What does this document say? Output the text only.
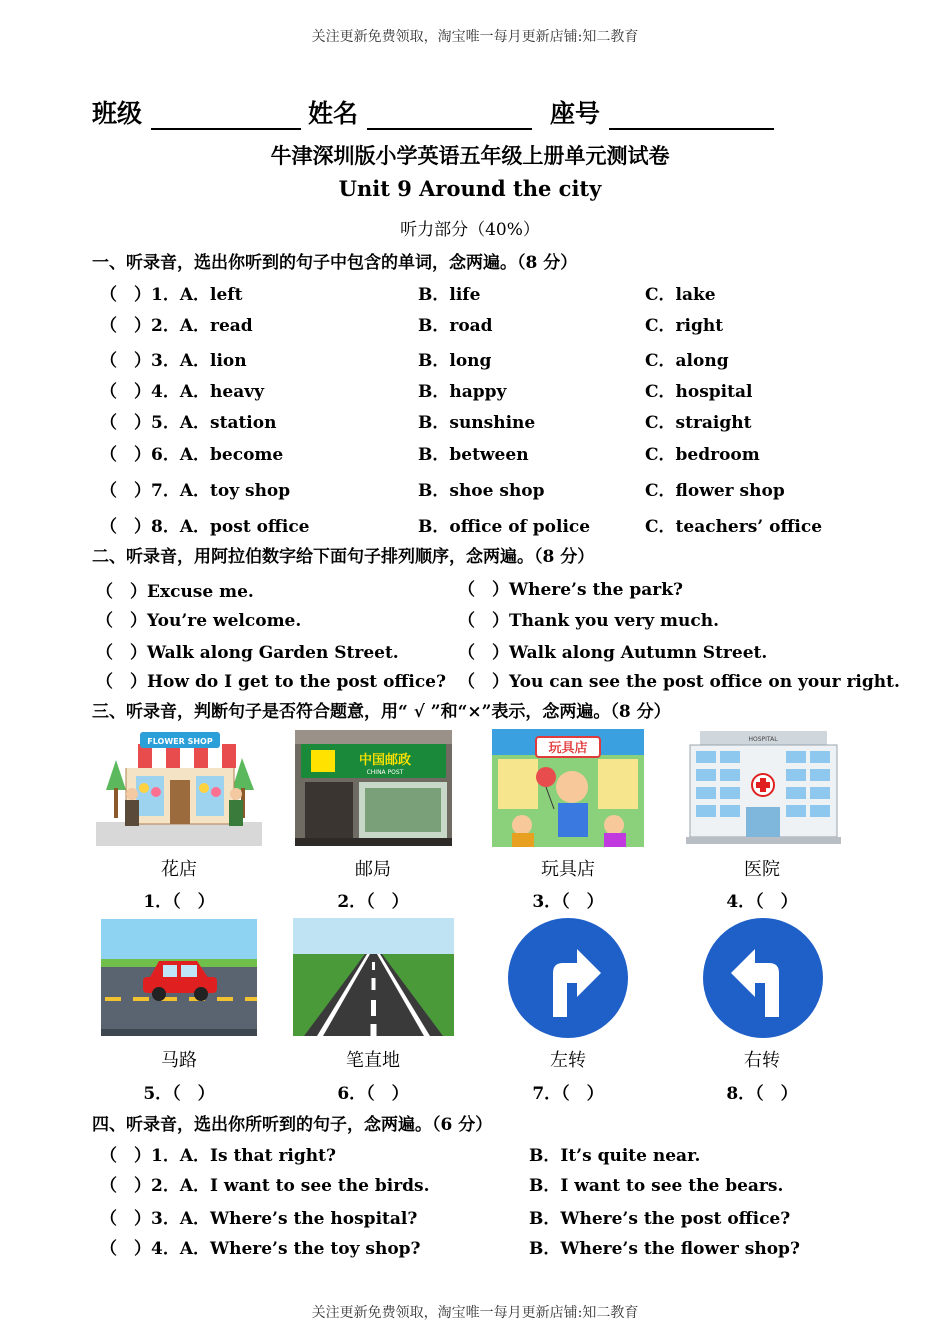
关注更新免费领取，淘宝唯一每月更新店铺:知二教育
关注更新免费领取，淘宝唯一每月更新店铺:知二教育
班级	姓名	座号
牛津深圳版小学英语五年级上册单元测试卷
Unit 9 Around the city
听力部分（40%）
一、听录音，选出你听到的句子中包含的单词，念两遍。（8 分）
（　）1．A．left	B．life	C．lake
（　）2．A．read	B．road	C．right
（　）3．A．lion	B．long	C．along
（　）4．A．heavy	B．happy	C．hospital
（　）5．A．station	B．sunshine	C．straight
（　）6．A．become	B．between	C．bedroom
（　）7．A．toy shop	B．shoe shop	C．flower shop
（　）8．A．post office	B．office of police	C．teachers’ office
二、听录音，用阿拉伯数字给下面句子排列顺序，念两遍。（8 分）
（　）Excuse me.
（　）You’re welcome.
（　）Walk along Garden Street.
（　）How do I get to the post office?
（　）Where’s the park?
（　）Thank you very much.
（　）Walk along Autumn Street.
（　）You can see the post office on your right.
三、听录音，判断句子是否符合题意，用“ √ ”和“×”表示，念两遍。（8 分）
FLOWER SHOP
中国邮政
CHINA POST
玩具店
HOSPITAL
花店	邮局	玩具店	医院
1．（　）	2．（　）	3．（　）	4．（　）
马路	笔直地	左转	右转
5．（　）	6．（　）	7．（　）	8．（　）
四、听录音，选出你所听到的句子，念两遍。（6 分）
（　）1．A．Is that right?	B．It’s quite near.
（　）2．A．I want to see the birds.	B．I want to see the bears.
（　）3．A．Where’s the hospital?	B．Where’s the post office?
（　）4．A．Where’s the toy shop?	B．Where’s the flower shop?
